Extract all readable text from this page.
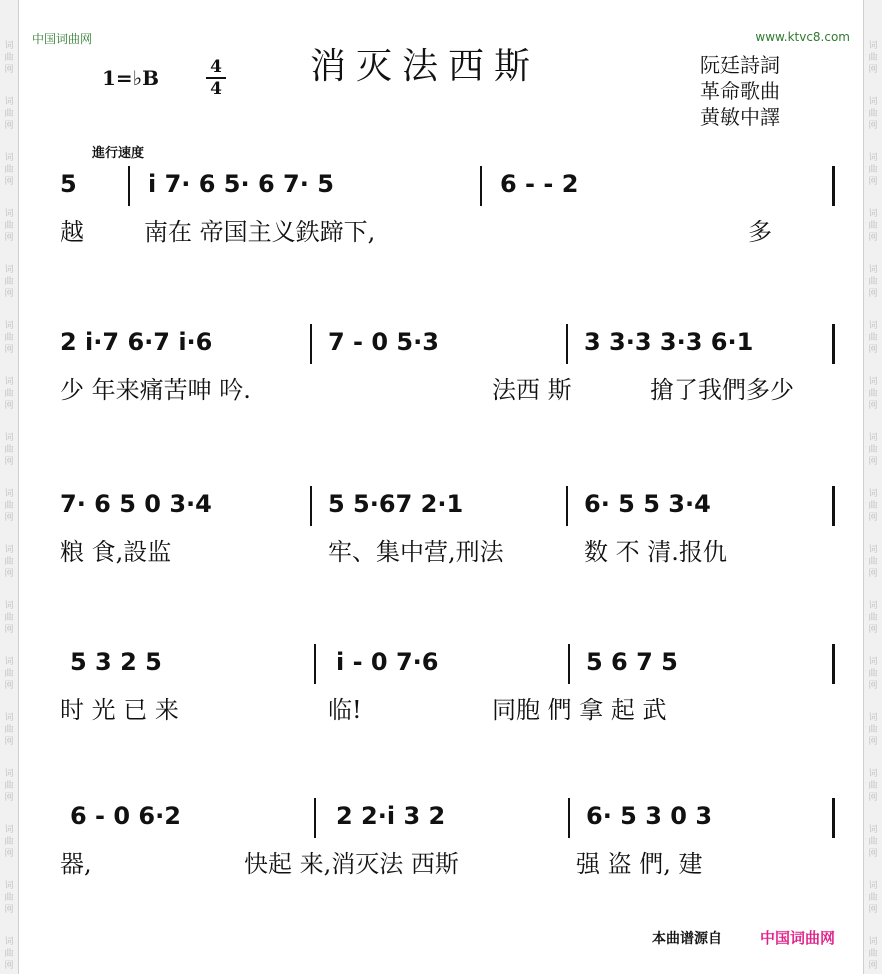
词曲网
词曲网
词曲网
词曲网
词曲网
词曲网
词曲网
词曲网
词曲网
词曲网
词曲网
词曲网
词曲网
词曲网
词曲网
词曲网
词曲网
词曲网
词曲网
词曲网
词曲网
词曲网
词曲网
词曲网
词曲网
词曲网
词曲网
词曲网
词曲网
词曲网
词曲网
词曲网
词曲网
词曲网
中国词曲网	www.ktvc8.com
消灭法西斯
1=♭B	4
4
阮廷詩詞
革命歌曲
黄敏中譯
進行速度
5	i 7· 6 5· 6 7· 5	6 - - 2
越	南在 帝国主义鉄蹄下,	多
2 i·7 6·7 i·6	7 - 0 5·3	3 3·3 3·3 6·1
少 年来痛苦呻 吟.	法西 斯	搶了我們多少
7· 6 5 0 3·4	5 5·67 2·1	6· 5 5 3·4
粮 食,設监	牢、集中营,刑法	数 不 清.报仇
5 3 2 5	i - 0 7·6	5 6 7 5
时 光 已 来	临!	同胞 們 拿 起 武
6 - 0 6·2	2 2·i 3 2	6· 5 3 0 3
器,	快起 来,消灭法 西斯	强 盗 們, 建
本曲谱源自	中国词曲网
